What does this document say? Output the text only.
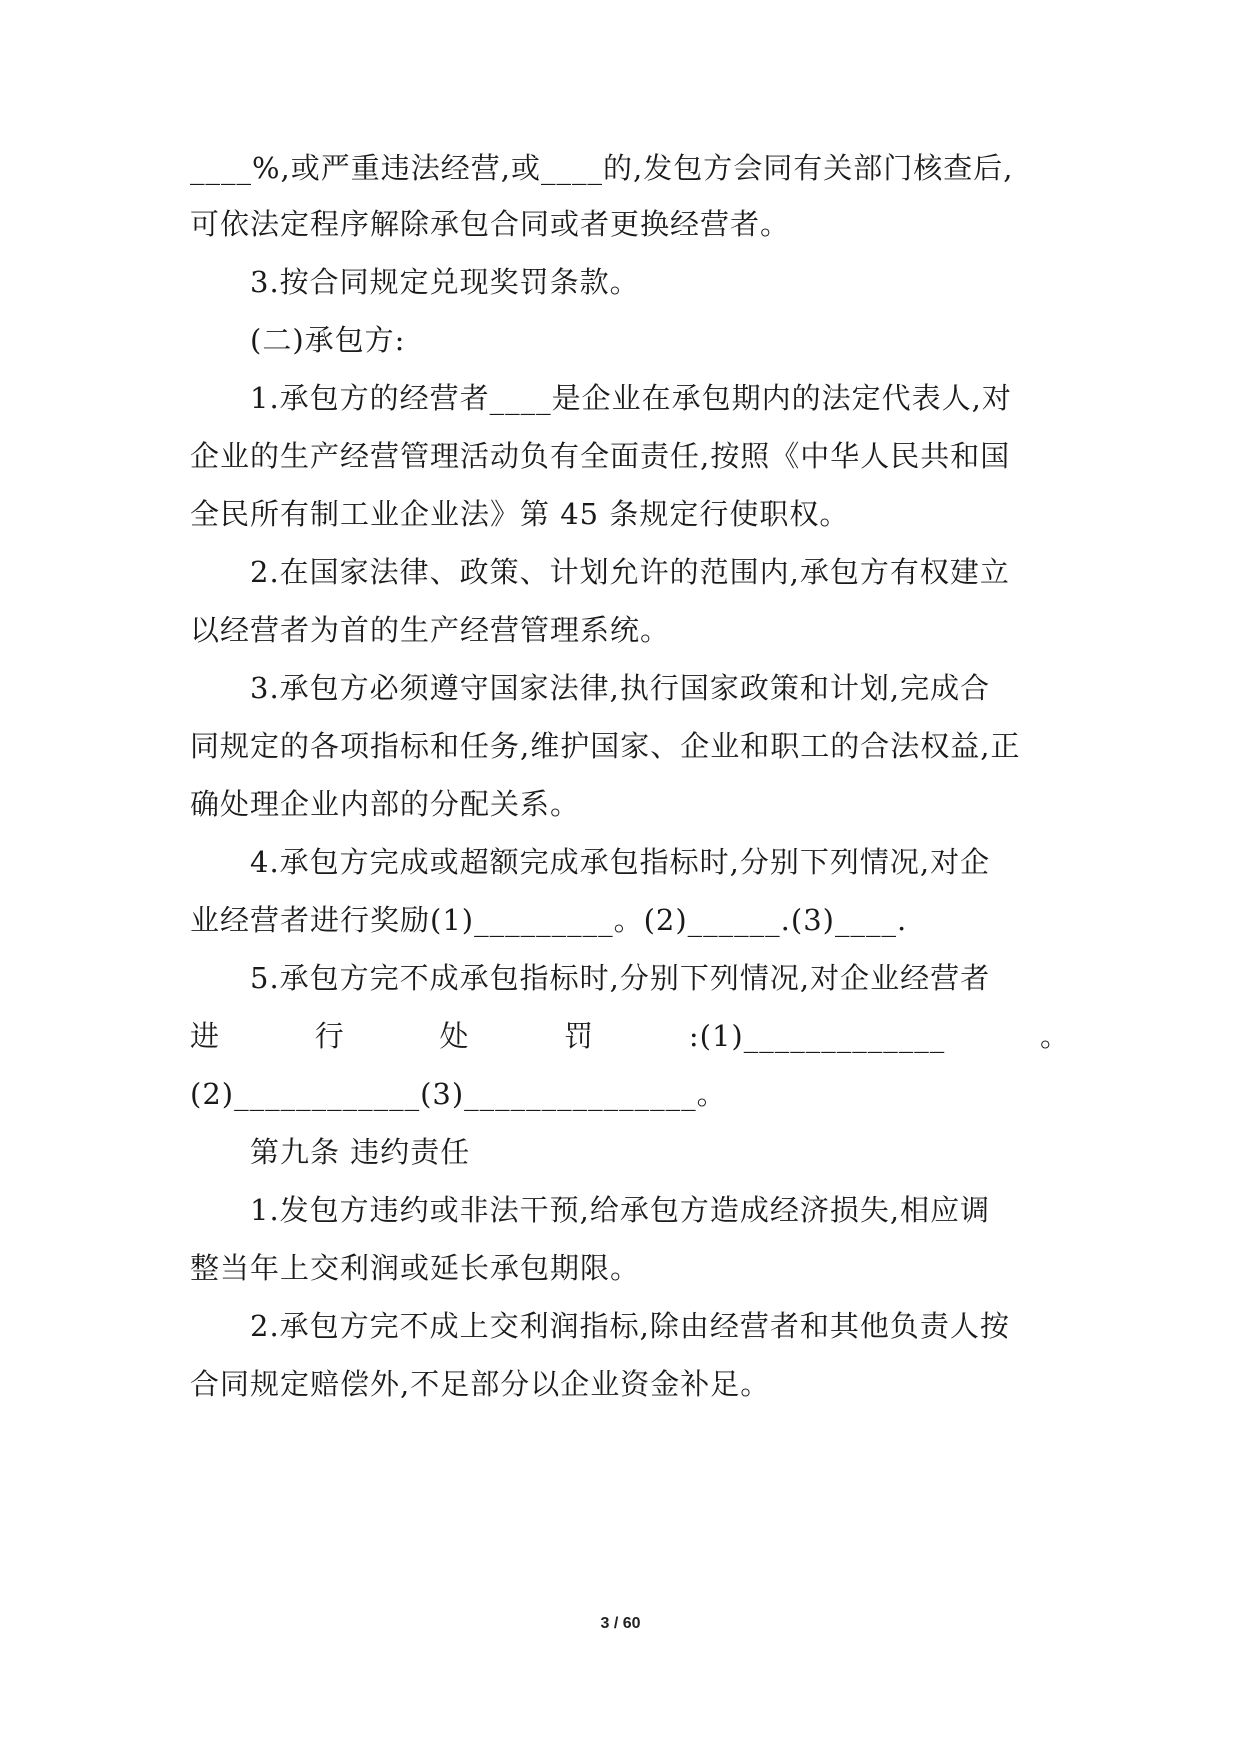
____%,或严重违法经营,或____的,发包方会同有关部门核查后,
可依法定程序解除承包合同或者更换经营者。
3.按合同规定兑现奖罚条款。
(二)承包方:
1.承包方的经营者____是企业在承包期内的法定代表人,对
企业的生产经营管理活动负有全面责任,按照《中华人民共和国
全民所有制工业企业法》第 45 条规定行使职权。
2.在国家法律、政策、计划允许的范围内,承包方有权建立
以经营者为首的生产经营管理系统。
3.承包方必须遵守国家法律,执行国家政策和计划,完成合
同规定的各项指标和任务,维护国家、企业和职工的合法权益,正
确处理企业内部的分配关系。
4.承包方完成或超额完成承包指标时,分别下列情况,对企
业经营者进行奖励(1)_________。(2)______.(3)____.
5.承包方完不成承包指标时,分别下列情况,对企业经营者
进	行	处	罚	:(1)_____________	。
(2)____________(3)_______________。
第九条 违约责任
1.发包方违约或非法干预,给承包方造成经济损失,相应调
整当年上交利润或延长承包期限。
2.承包方完不成上交利润指标,除由经营者和其他负责人按
合同规定赔偿外,不足部分以企业资金补足。
3 / 60
